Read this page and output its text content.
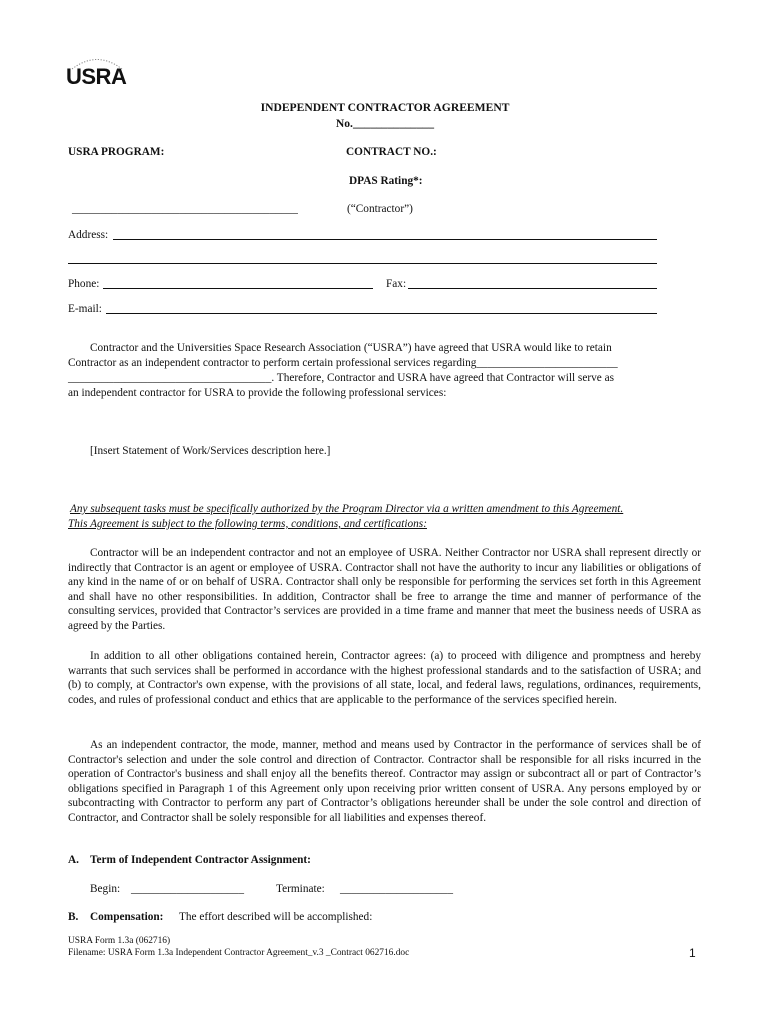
USRA
INDEPENDENT CONTRACTOR AGREEMENT
No.______________
USRA PROGRAM:	CONTRACT NO.:
DPAS Rating*:
________________________________________	(“Contractor”)
Address:
Phone:	Fax:
E-mail:
Contractor and the Universities Space Research Association (“USRA”) have agreed that USRA would like to retain
Contractor as an independent contractor to perform certain professional services regarding_________________________
____________________________________. Therefore, Contractor and USRA have agreed that Contractor will serve as
an independent contractor for USRA to provide the following professional services:
[Insert Statement of Work/Services description here.]
Any subsequent tasks must be specifically authorized by the Program Director via a written amendment to this Agreement.
This Agreement is subject to the following terms, conditions, and certifications:
Contractor will be an independent contractor and not an employee of USRA. Neither Contractor nor USRA shall represent directly or indirectly that Contractor is an agent or employee of USRA. Contractor shall not have the authority to incur any liabilities or obligations of any kind in the name of or on behalf of USRA. Contractor shall only be responsible for performing the services set forth in this Agreement and shall have no other responsibilities. In addition, Contractor shall be free to arrange the time and manner of performance of the consulting services, provided that Contractor’s services are provided in a time frame and manner that meet the business needs of USRA as agreed by the Parties.
In addition to all other obligations contained herein, Contractor agrees: (a) to proceed with diligence and promptness and hereby warrants that such services shall be performed in accordance with the highest professional standards and to the satisfaction of USRA; and (b) to comply, at Contractor's own expense, with the provisions of all state, local, and federal laws, regulations, ordinances, requirements, codes, and rules of professional conduct and ethics that are applicable to the performance of the services specified herein.
As an independent contractor, the mode, manner, method and means used by Contractor in the performance of services shall be of Contractor's selection and under the sole control and direction of Contractor. Contractor shall be responsible for all risks incurred in the operation of Contractor's business and shall enjoy all the benefits thereof. Contractor may assign or subcontract all or part of Contractor’s obligations specified in Paragraph 1 of this Agreement only upon receiving prior written consent of USRA. Any persons employed by or subcontracting with Contractor to perform any part of Contractor’s obligations hereunder shall be under the sole control and direction of Contractor, and Contractor shall be solely responsible for all liabilities and expenses thereof.
A. Term of Independent Contractor Assignment:
Begin: ____________________	Terminate: ____________________
B. Compensation: The effort described will be accomplished:
USRA Form 1.3a (062716)
Filename: USRA Form 1.3a Independent Contractor Agreement_v.3 _Contract 062716.doc	1
